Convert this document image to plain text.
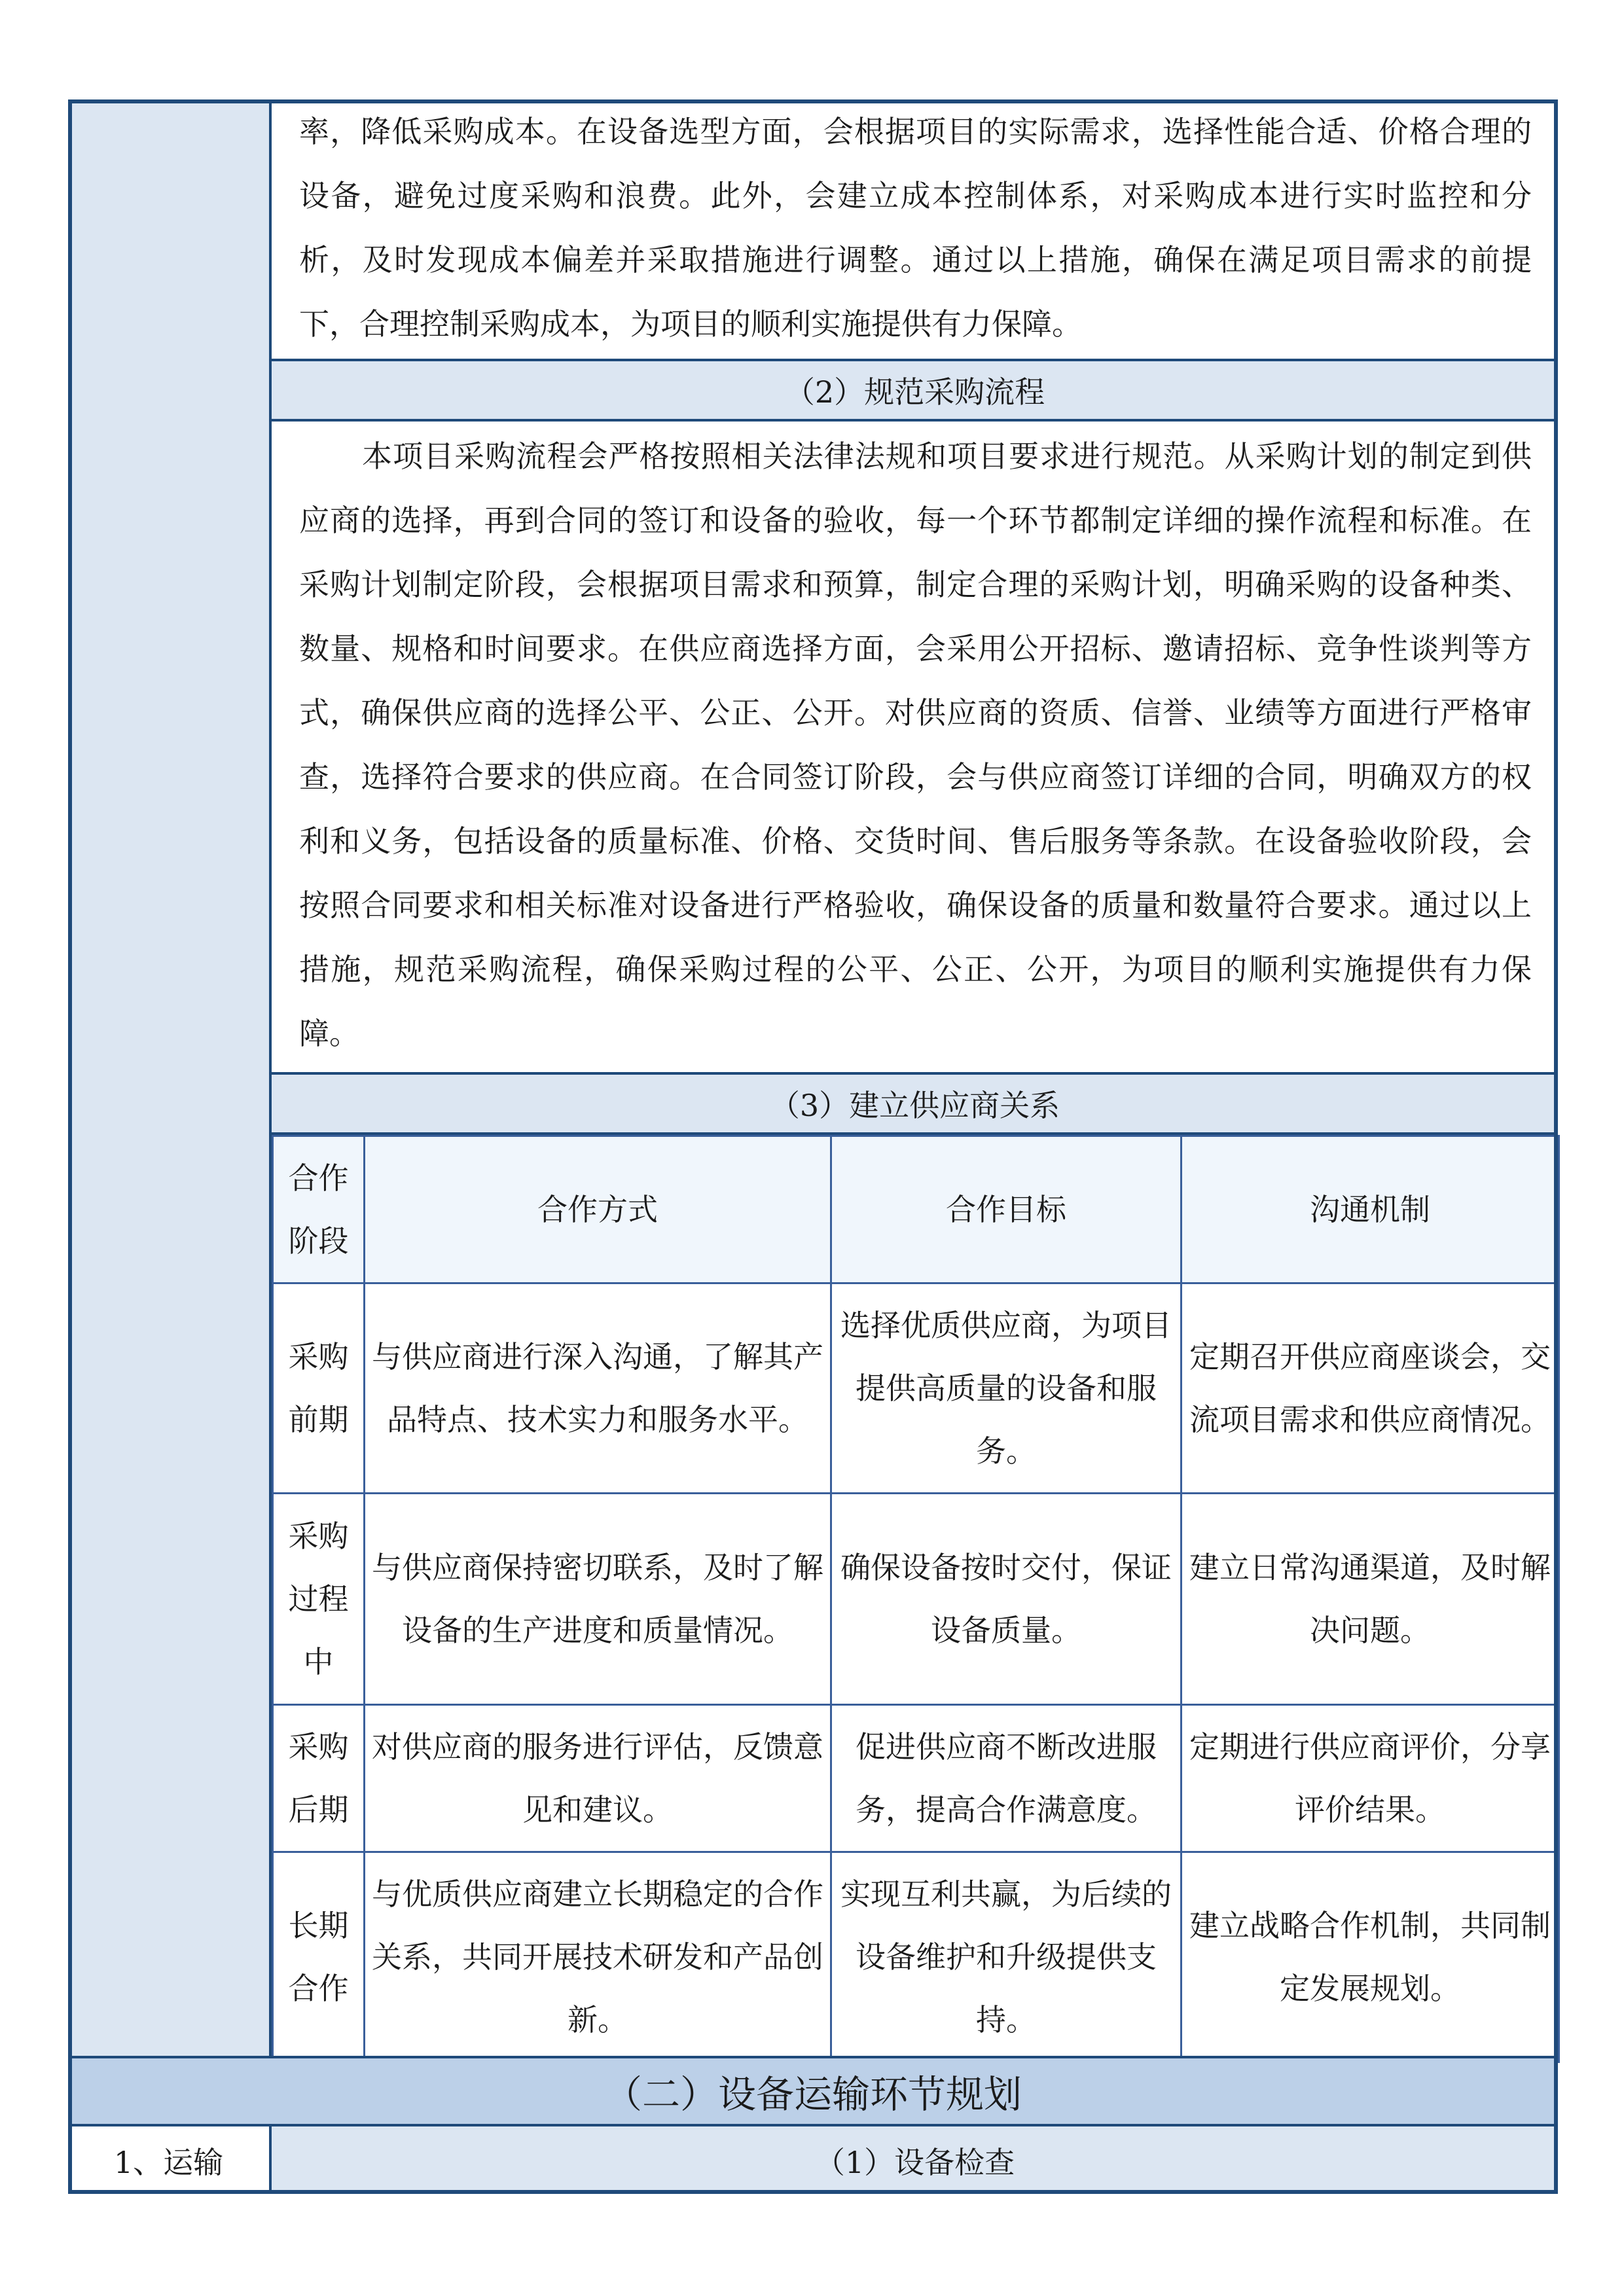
率，降低采购成本。在设备选型方面，会根据项目的实际需求，选择性能合适、价格合理的设备，避免过度采购和浪费。此外，会建立成本控制体系，对采购成本进行实时监控和分析，及时发现成本偏差并采取措施进行调整。通过以上措施，确保在满足项目需求的前提下，合理控制采购成本，为项目的顺利实施提供有力保障。
（2）规范采购流程
本项目采购流程会严格按照相关法律法规和项目要求进行规范。从采购计划的制定到供应商的选择，再到合同的签订和设备的验收，每一个环节都制定详细的操作流程和标准。在采购计划制定阶段，会根据项目需求和预算，制定合理的采购计划，明确采购的设备种类、数量、规格和时间要求。在供应商选择方面，会采用公开招标、邀请招标、竞争性谈判等方式，确保供应商的选择公平、公正、公开。对供应商的资质、信誉、业绩等方面进行严格审查，选择符合要求的供应商。在合同签订阶段，会与供应商签订详细的合同，明确双方的权利和义务，包括设备的质量标准、价格、交货时间、售后服务等条款。在设备验收阶段，会按照合同要求和相关标准对设备进行严格验收，确保设备的质量和数量符合要求。通过以上措施，规范采购流程，确保采购过程的公平、公正、公开，为项目的顺利实施提供有力保障。
（3）建立供应商关系
合作阶段	合作方式	合作目标	沟通机制
采购前期	与供应商进行深入沟通，了解其产品特点、技术实力和服务水平。	选择优质供应商，为项目提供高质量的设备和服务。	定期召开供应商座谈会，交流项目需求和供应商情况。
采购过程中	与供应商保持密切联系，及时了解设备的生产进度和质量情况。	确保设备按时交付，保证设备质量。	建立日常沟通渠道，及时解决问题。
采购后期	对供应商的服务进行评估，反馈意见和建议。	促进供应商不断改进服务，提高合作满意度。	定期进行供应商评价，分享评价结果。
长期合作	与优质供应商建立长期稳定的合作关系，共同开展技术研发和产品创新。	实现互利共赢，为后续的设备维护和升级提供支持。	建立战略合作机制，共同制定发展规划。
（二）设备运输环节规划
1、运输	（1）设备检查
